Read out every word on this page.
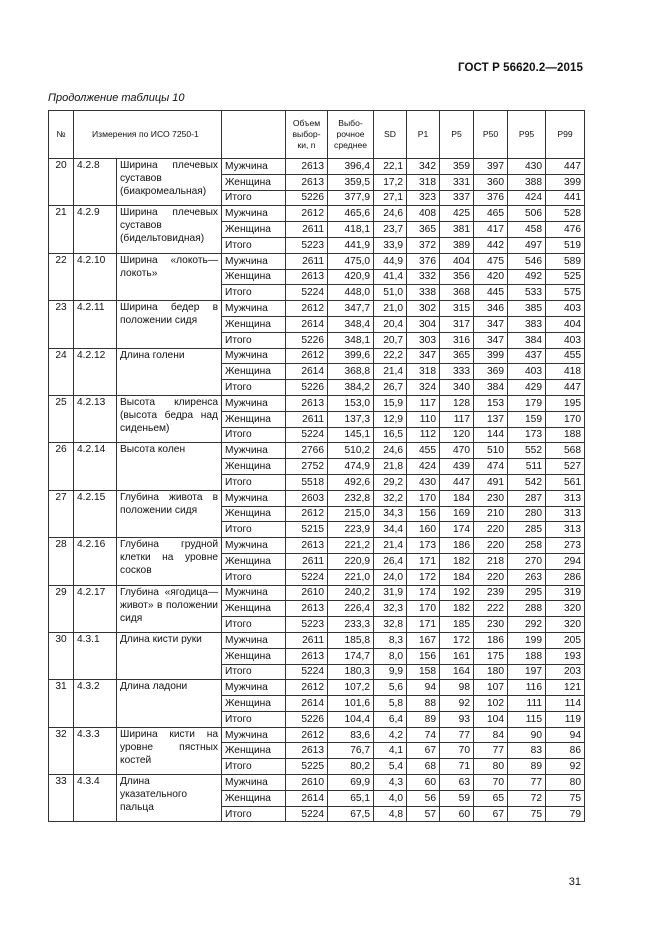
ГОСТ Р 56620.2—2015
Продолжение таблицы 10
№	Измерения по ИСО 7250-1			Объем выбор-ки, n	Выбо-рочное среднее	SD	P1	P5	P50	P95	P99
20	4.2.8	Ширина плечевых суставов (биакромеальная)	Мужчина	2613	396,4	22,1	342	359	397	430	447
			Женщина	2613	359,5	17,2	318	331	360	388	399
			Итого	5226	377,9	27,1	323	337	376	424	441
21	4.2.9	Ширина плечевых суставов (бидельтовидная)	Мужчина	2612	465,6	24,6	408	425	465	506	528
			Женщина	2611	418,1	23,7	365	381	417	458	476
			Итого	5223	441,9	33,9	372	389	442	497	519
22	4.2.10	Ширина «локоть—локоть»	Мужчина	2611	475,0	44,9	376	404	475	546	589
			Женщина	2613	420,9	41,4	332	356	420	492	525
			Итого	5224	448,0	51,0	338	368	445	533	575
23	4.2.11	Ширина бедер в положении сидя	Мужчина	2612	347,7	21,0	302	315	346	385	403
			Женщина	2614	348,4	20,4	304	317	347	383	404
			Итого	5226	348,1	20,7	303	316	347	384	403
24	4.2.12	Длина голени	Мужчина	2612	399,6	22,2	347	365	399	437	455
			Женщина	2614	368,8	21,4	318	333	369	403	418
			Итого	5226	384,2	26,7	324	340	384	429	447
25	4.2.13	Высота клиренса (высота бедра над сиденьем)	Мужчина	2613	153,0	15,9	117	128	153	179	195
			Женщина	2611	137,3	12,9	110	117	137	159	170
			Итого	5224	145,1	16,5	112	120	144	173	188
26	4.2.14	Высота колен	Мужчина	2766	510,2	24,6	455	470	510	552	568
			Женщина	2752	474,9	21,8	424	439	474	511	527
			Итого	5518	492,6	29,2	430	447	491	542	561
27	4.2.15	Глубина живота в положении сидя	Мужчина	2603	232,8	32,2	170	184	230	287	313
			Женщина	2612	215,0	34,3	156	169	210	280	313
			Итого	5215	223,9	34,4	160	174	220	285	313
28	4.2.16	Глубина грудной клетки на уровне сосков	Мужчина	2613	221,2	21,4	173	186	220	258	273
			Женщина	2611	220,9	26,4	171	182	218	270	294
			Итого	5224	221,0	24,0	172	184	220	263	286
29	4.2.17	Глубина «ягодица—живот» в положении сидя	Мужчина	2610	240,2	31,9	174	192	239	295	319
			Женщина	2613	226,4	32,3	170	182	222	288	320
			Итого	5223	233,3	32,8	171	185	230	292	320
30	4.3.1	Длина кисти руки	Мужчина	2611	185,8	8,3	167	172	186	199	205
			Женщина	2613	174,7	8,0	156	161	175	188	193
			Итого	5224	180,3	9,9	158	164	180	197	203
31	4.3.2	Длина ладони	Мужчина	2612	107,2	5,6	94	98	107	116	121
			Женщина	2614	101,6	5,8	88	92	102	111	114
			Итого	5226	104,4	6,4	89	93	104	115	119
32	4.3.3	Ширина кисти на уровне пястных костей	Мужчина	2612	83,6	4,2	74	77	84	90	94
			Женщина	2613	76,7	4,1	67	70	77	83	86
			Итого	5225	80,2	5,4	68	71	80	89	92
33	4.3.4	Длина указательного пальца	Мужчина	2610	69,9	4,3	60	63	70	77	80
			Женщина	2614	65,1	4,0	56	59	65	72	75
			Итого	5224	67,5	4,8	57	60	67	75	79
31
